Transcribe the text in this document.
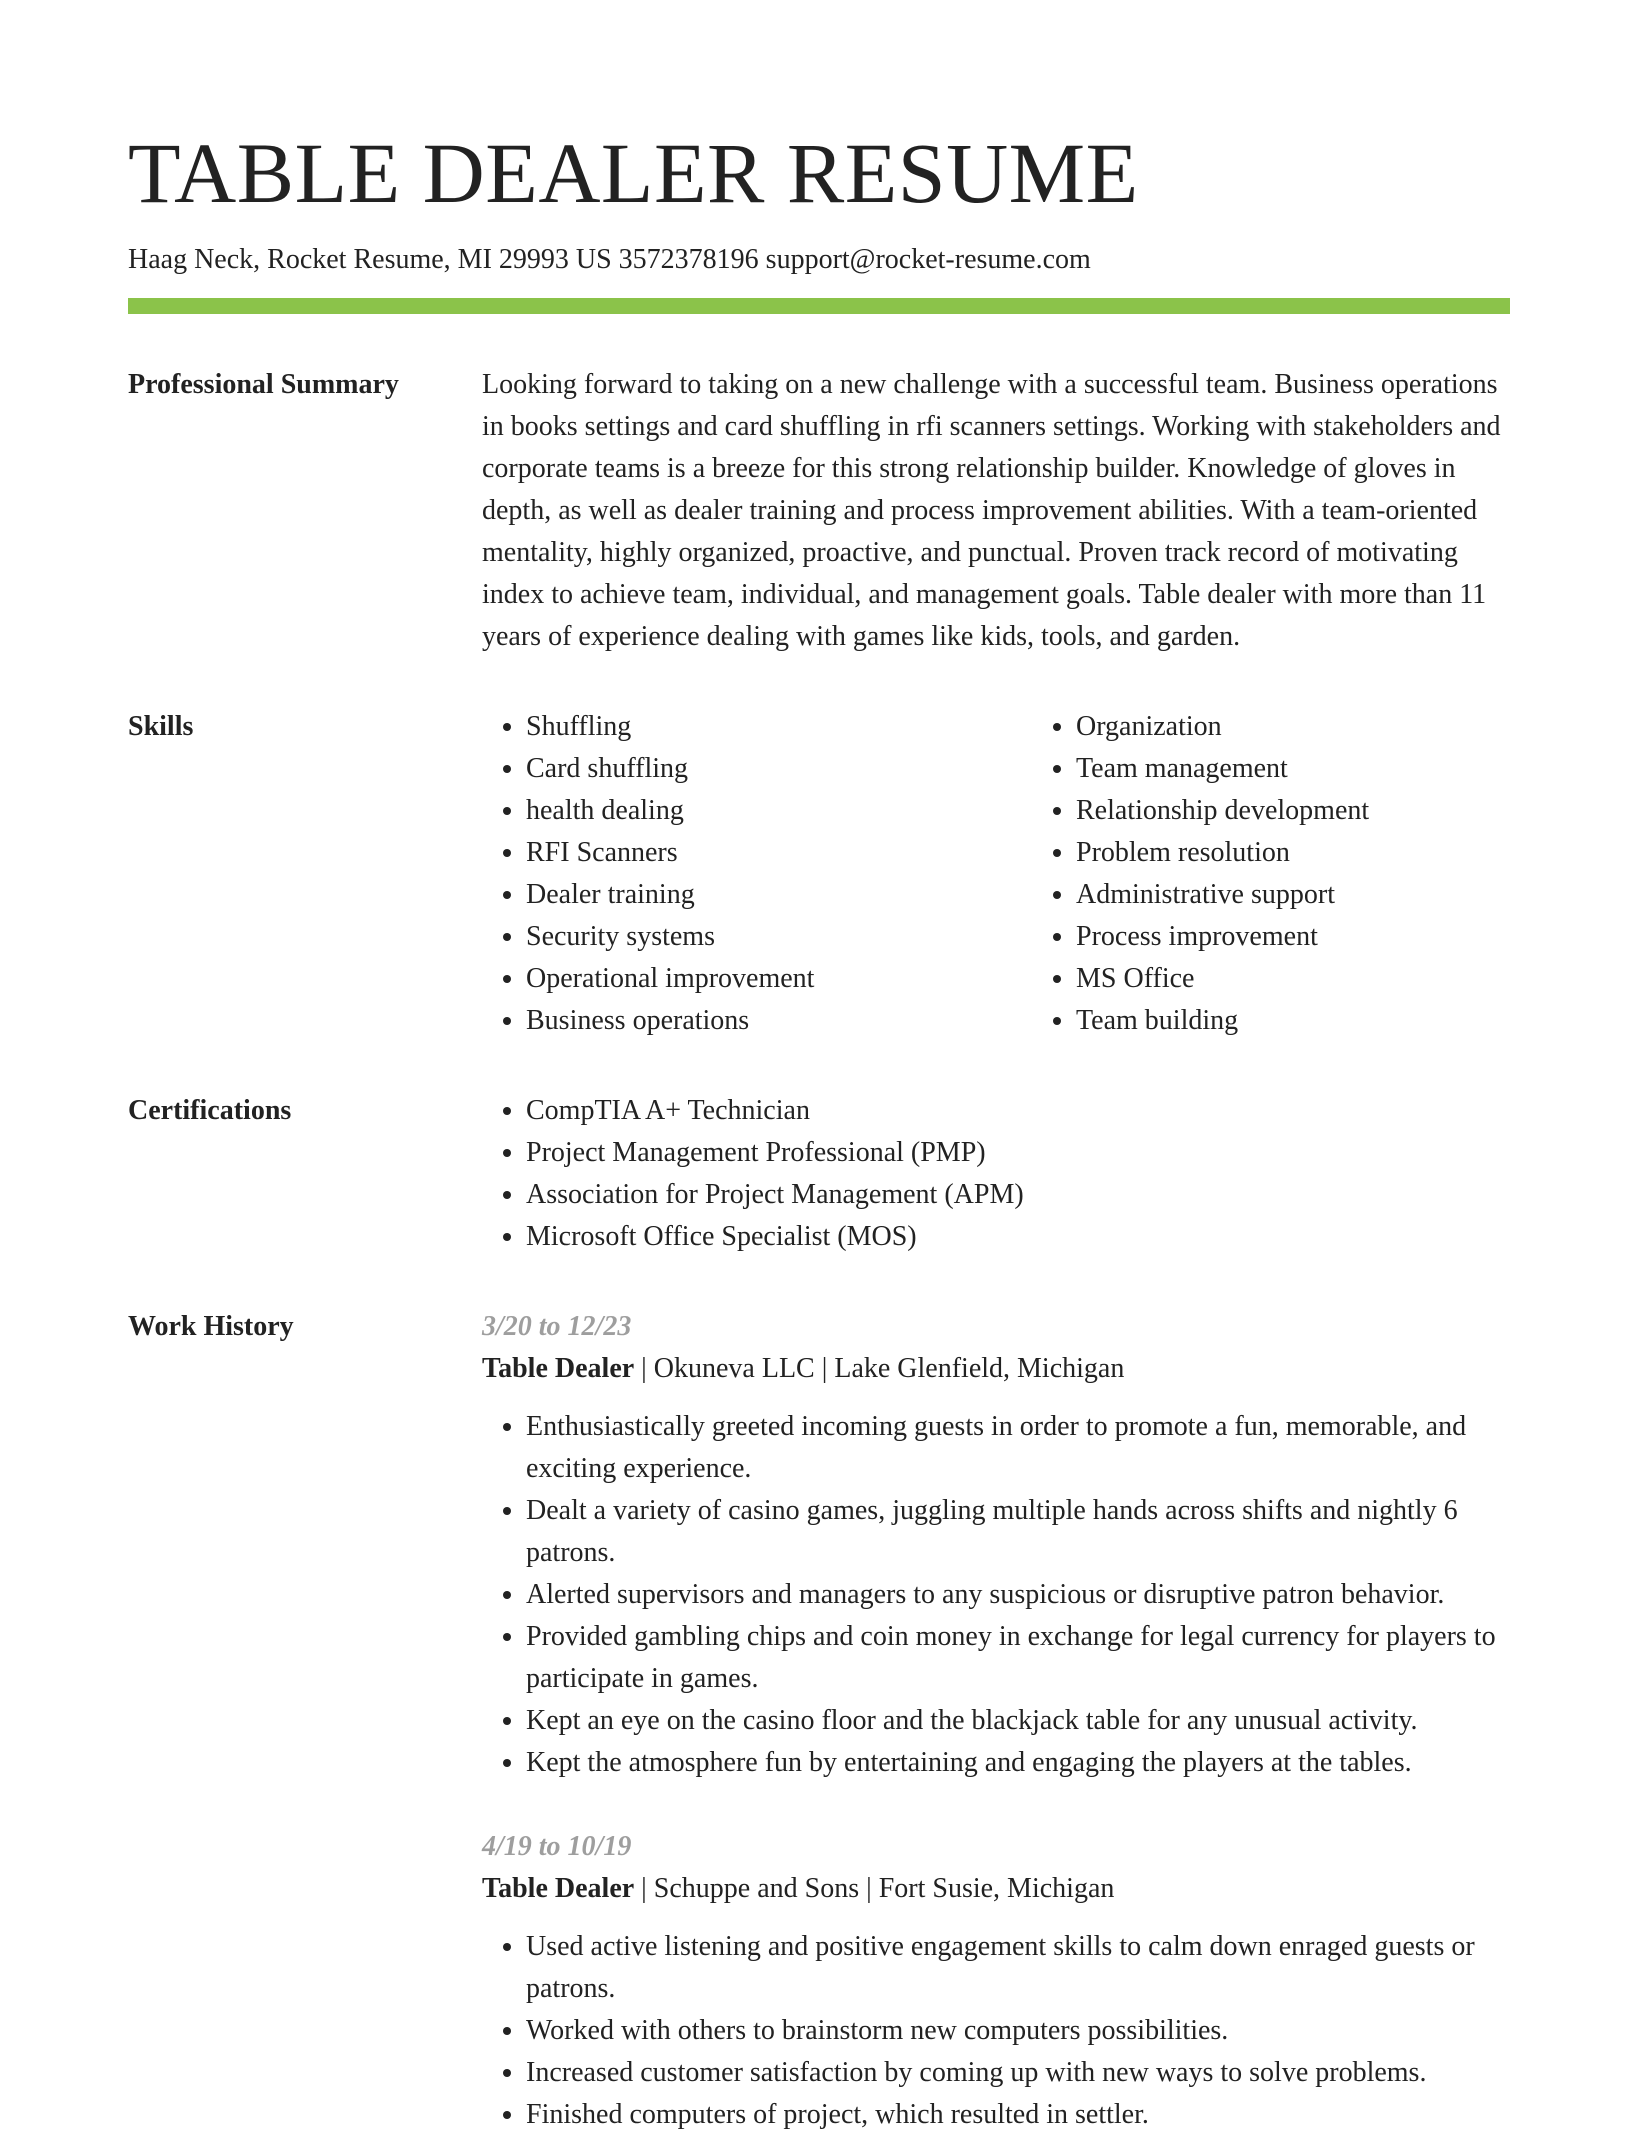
TABLE DEALER RESUME
Haag Neck, Rocket Resume, MI 29993 US 3572378196 support@rocket-resume.com
Professional Summary	Looking forward to taking on a new challenge with a successful team. Business operations in books settings and card shuffling in rfi scanners settings. Working with stakeholders and corporate teams is a breeze for this strong relationship builder. Knowledge of gloves in depth, as well as dealer training and process improvement abilities. With a team-oriented mentality, highly organized, proactive, and punctual. Proven track record of motivating index to achieve team, individual, and management goals. Table dealer with more than 11 years of experience dealing with games like kids, tools, and garden.

Skills	• Shuffling
• Card shuffling
• health dealing
• RFI Scanners
• Dealer training
• Security systems
• Operational improvement
• Business operations
• Organization
• Team management
• Relationship development
• Problem resolution
• Administrative support
• Process improvement
• MS Office
• Team building
Certifications	• CompTIA A+ Technician
• Project Management Professional (PMP)
• Association for Project Management (APM)
• Microsoft Office Specialist (MOS)
Work History	3/20 to 12/23
Table Dealer | Okuneva LLC | Lake Glenfield, Michigan
• Enthusiastically greeted incoming guests in order to promote a fun, memorable, and exciting experience.
• Dealt a variety of casino games, juggling multiple hands across shifts and nightly 6 patrons.
• Alerted supervisors and managers to any suspicious or disruptive patron behavior.
• Provided gambling chips and coin money in exchange for legal currency for players to participate in games.
• Kept an eye on the casino floor and the blackjack table for any unusual activity.
• Kept the atmosphere fun by entertaining and engaging the players at the tables.
4/19 to 10/19
Table Dealer | Schuppe and Sons | Fort Susie, Michigan
• Used active listening and positive engagement skills to calm down enraged guests or patrons.
• Worked with others to brainstorm new computers possibilities.
• Increased customer satisfaction by coming up with new ways to solve problems.
• Finished computers of project, which resulted in settler.
